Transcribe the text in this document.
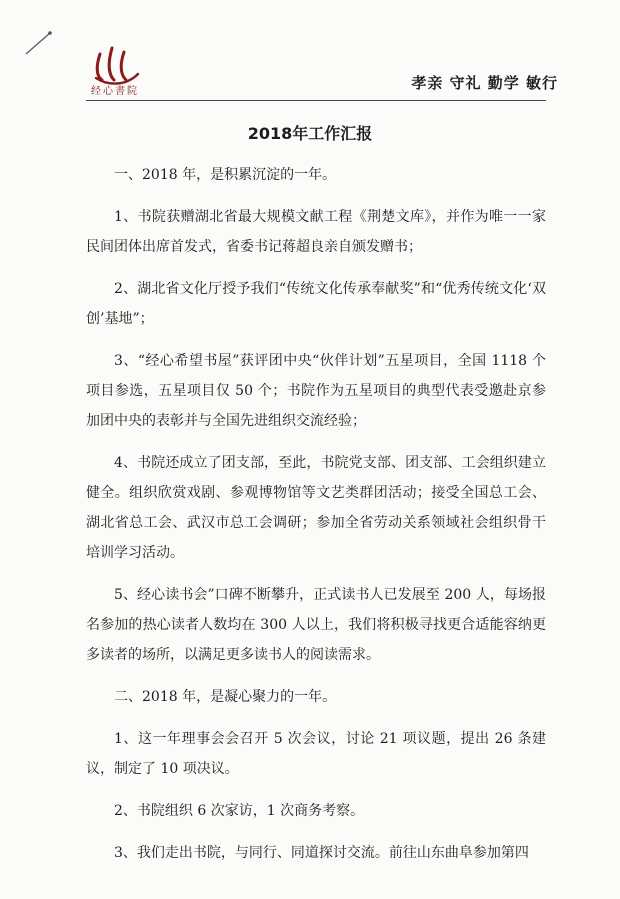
经心書院	孝亲 守礼 勤学 敏行
2018年工作汇报

一、2018 年，是积累沉淀的一年。

1、书院获赠湖北省最大规模文献工程《荆楚文库》，并作为唯一一家民间团体出席首发式，省委书记蒋超良亲自颁发赠书；

2、湖北省文化厅授予我们“传统文化传承奉献奖”和“优秀传统文化‘双创’基地”；

3、“经心希望书屋”获评团中央“伙伴计划”五星项目，全国 1118 个项目参选，五星项目仅 50 个；书院作为五星项目的典型代表受邀赴京参加团中央的表彰并与全国先进组织交流经验；

4、书院还成立了团支部，至此，书院党支部、团支部、工会组织建立健全。组织欣赏戏剧、参观博物馆等文艺类群团活动；接受全国总工会、湖北省总工会、武汉市总工会调研；参加全省劳动关系领域社会组织骨干培训学习活动。

5、经心读书会”口碑不断攀升，正式读书人已发展至 200 人，每场报名参加的热心读者人数均在 300 人以上，我们将积极寻找更合适能容纳更多读者的场所，以满足更多读书人的阅读需求。

二、2018 年，是凝心聚力的一年。

1、这一年理事会会召开 5 次会议，讨论 21 项议题，提出 26 条建议，制定了 10 项决议。

2、书院组织 6 次家访，1 次商务考察。

3、我们走出书院，与同行、同道探讨交流。前往山东曲阜参加第四
